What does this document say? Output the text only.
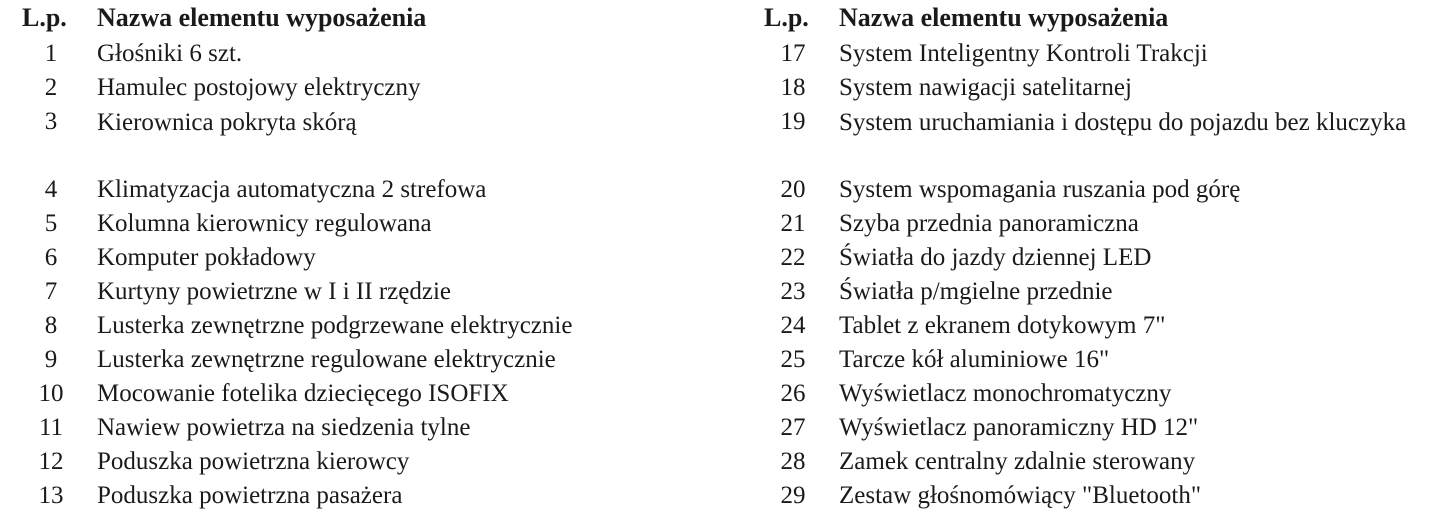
L.p. Nazwa elementu wyposażenia
1	Głośniki 6 szt.
2	Hamulec postojowy elektryczny
3	Kierownica pokryta skórą
4	Klimatyzacja automatyczna 2 strefowa
5	Kolumna kierownicy regulowana
6	Komputer pokładowy
7	Kurtyny powietrzne w I i II rzędzie
8	Lusterka zewnętrzne podgrzewane elektrycznie
9	Lusterka zewnętrzne regulowane elektrycznie
10	Mocowanie fotelika dziecięcego ISOFIX
11	Nawiew powietrza na siedzenia tylne
12	Poduszka powietrzna kierowcy
13	Poduszka powietrzna pasażera
L.p. Nazwa elementu wyposażenia
17	System Inteligentny Kontroli Trakcji
18	System nawigacji satelitarnej
19	System uruchamiania i dostępu do pojazdu bez kluczyka
20	System wspomagania ruszania pod górę
21	Szyba przednia panoramiczna
22	Światła do jazdy dziennej LED
23	Światła p/mgielne przednie
24	Tablet z ekranem dotykowym 7"
25	Tarcze kół aluminiowe 16"
26	Wyświetlacz monochromatyczny
27	Wyświetlacz panoramiczny HD 12"
28	Zamek centralny zdalnie sterowany
29	Zestaw głośnomówiący "Bluetooth"
